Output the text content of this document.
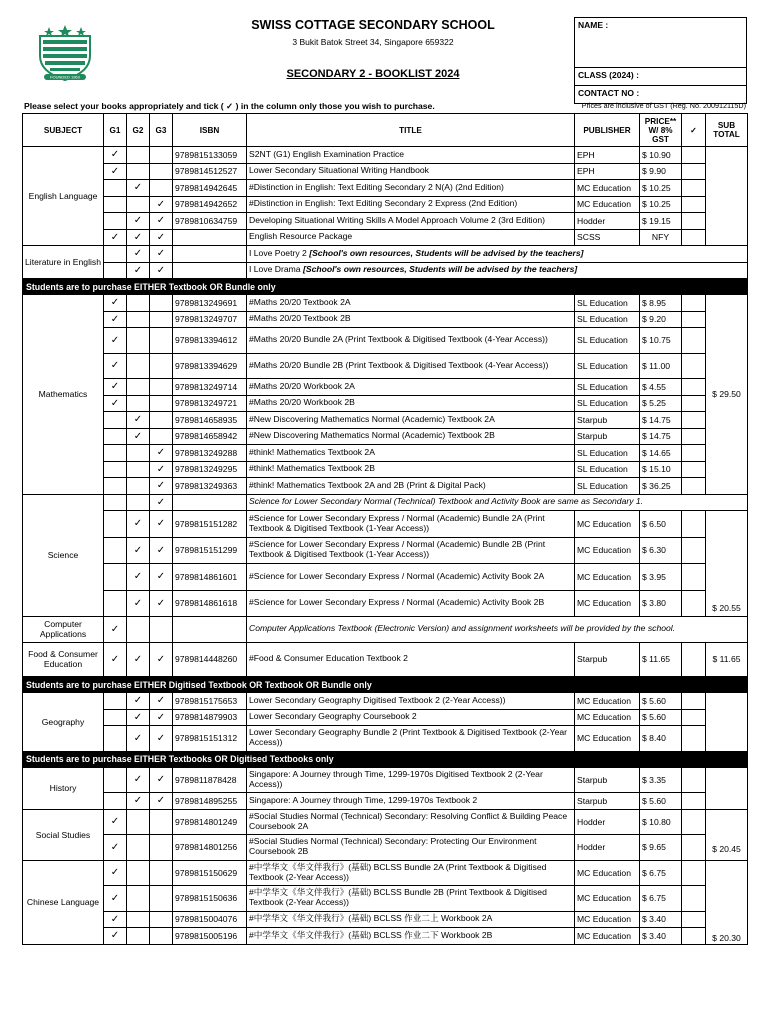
FOUNDED 1963
SWISS COTTAGE SECONDARY SCHOOL
3 Bukit Batok Street 34, Singapore 659322
SECONDARY 2 - BOOKLIST 2024
Please select your books appropriately and tick ( ✓ ) in the column only those you wish to purchase.	Prices are inclusive of GST (Reg. No. 200912115D)
NAME :
CLASS (2024) :
CONTACT NO :
SUBJECT	G1	G2	G3	ISBN	TITLE	PUBLISHER	PRICE** W/ 8% GST	✓	SUB TOTAL
English Language	✓			9789815133059	S2NT (G1) English Examination Practice	EPH	$ 10.90		
	✓			9789814512527	Lower Secondary Situational Writing Handbook	EPH	$ 9.90		
		✓		9789814942645	#Distinction in English: Text Editing Secondary 2 N(A) (2nd Edition)	MC Education	$ 10.25		
			✓	9789814942652	#Distinction in English: Text Editing Secondary 2 Express (2nd Edition)	MC Education	$ 10.25		
		✓	✓	9789810634759	Developing Situational Writing Skills A Model Approach Volume 2 (3rd Edition)	Hodder	$ 19.15		
	✓	✓	✓		English Resource Package	SCSS	NFY		
Literature in English		✓	✓		I Love Poetry 2 [School's own resources, Students will be advised by the teachers]				
		✓	✓		I Love Drama [School's own resources, Students will be advised by the teachers]				
Students are to purchase EITHER Textbook OR Bundle only									
Mathematics	✓			9789813249691	#Maths 20/20 Textbook 2A	SL Education	$ 8.95		$ 29.50
	✓			9789813249707	#Maths 20/20 Textbook 2B	SL Education	$ 9.20		
	✓			9789813394612	#Maths 20/20 Bundle 2A (Print Textbook & Digitised Textbook (4-Year Access))	SL Education	$ 10.75		
	✓			9789813394629	#Maths 20/20 Bundle 2B (Print Textbook & Digitised Textbook (4-Year Access))	SL Education	$ 11.00		
	✓			9789813249714	#Maths 20/20 Workbook 2A	SL Education	$ 4.55		
	✓			9789813249721	#Maths 20/20 Workbook 2B	SL Education	$ 5.25		
		✓		9789814658935	#New Discovering Mathematics Normal (Academic) Textbook 2A	Starpub	$ 14.75		
		✓		9789814658942	#New Discovering Mathematics Normal (Academic) Textbook 2B	Starpub	$ 14.75		
			✓	9789813249288	#think! Mathematics Textbook 2A	SL Education	$ 14.65		
			✓	9789813249295	#think! Mathematics Textbook 2B	SL Education	$ 15.10		
			✓	9789813249363	#think! Mathematics Textbook 2A and 2B (Print & Digital Pack)	SL Education	$ 36.25		
Science			✓		Science for Lower Secondary Normal (Technical) Textbook and Activity Book are same as Secondary 1.				
		✓	✓	9789815151282	#Science for Lower Secondary Express / Normal (Academic) Bundle 2A (Print Textbook & Digitised Textbook (1-Year Access))	MC Education	$ 6.50		$ 20.55
		✓	✓	9789815151299	#Science for Lower Secondary Express / Normal (Academic) Bundle 2B (Print Textbook & Digitised Textbook (1-Year Access))	MC Education	$ 6.30		
		✓	✓	9789814861601	#Science for Lower Secondary Express / Normal (Academic) Activity Book 2A	MC Education	$ 3.95		
		✓	✓	9789814861618	#Science for Lower Secondary Express / Normal (Academic) Activity Book 2B	MC Education	$ 3.80		
Computer Applications	✓				Computer Applications Textbook (Electronic Version) and assignment worksheets will be provided by the school.				
Food & Consumer Education	✓	✓	✓	9789814448260	#Food & Consumer Education Textbook 2	Starpub	$ 11.65		$ 11.65
Students are to purchase EITHER Digitised Textbook OR Textbook OR Bundle only									
Geography		✓	✓	9789815175653	Lower Secondary Geography Digitised Textbook 2 (2-Year Access))	MC Education	$ 5.60		
		✓	✓	9789814879903	Lower Secondary Geography Coursebook 2	MC Education	$ 5.60		
		✓	✓	9789815151312	Lower Secondary Geography Bundle 2 (Print Textbook & Digitised Textbook (2-Year Access))	MC Education	$ 8.40		
Students are to purchase EITHER Textbooks OR Digitised Textbooks only									
History		✓	✓	9789811878428	Singapore: A Journey through Time, 1299-1970s Digitised Textbook 2 (2-Year Access))	Starpub	$ 3.35		
		✓	✓	9789814895255	Singapore: A Journey through Time, 1299-1970s Textbook 2	Starpub	$ 5.60		
Social Studies	✓			9789814801249	#Social Studies Normal (Technical) Secondary: Resolving Conflict & Building Peace Coursebook 2A	Hodder	$ 10.80		$ 20.45
	✓			9789814801256	#Social Studies Normal (Technical) Secondary: Protecting Our Environment Coursebook 2B	Hodder	$ 9.65		
Chinese Language	✓			9789815150629	#中学华文《华文伴我行》(基础) BCLSS Bundle 2A (Print Textbook & Digitised Textbook (2-Year Access))	MC Education	$ 6.75		$ 20.30
	✓			9789815150636	#中学华文《华文伴我行》(基础) BCLSS Bundle 2B (Print Textbook & Digitised Textbook (2-Year Access))	MC Education	$ 6.75		
	✓			9789815004076	#中学华文《华文伴我行》(基础) BCLSS 作业二上 Workbook 2A	MC Education	$ 3.40		
	✓			9789815005196	#中学华文《华文伴我行》(基础) BCLSS 作业二下 Workbook 2B	MC Education	$ 3.40		
